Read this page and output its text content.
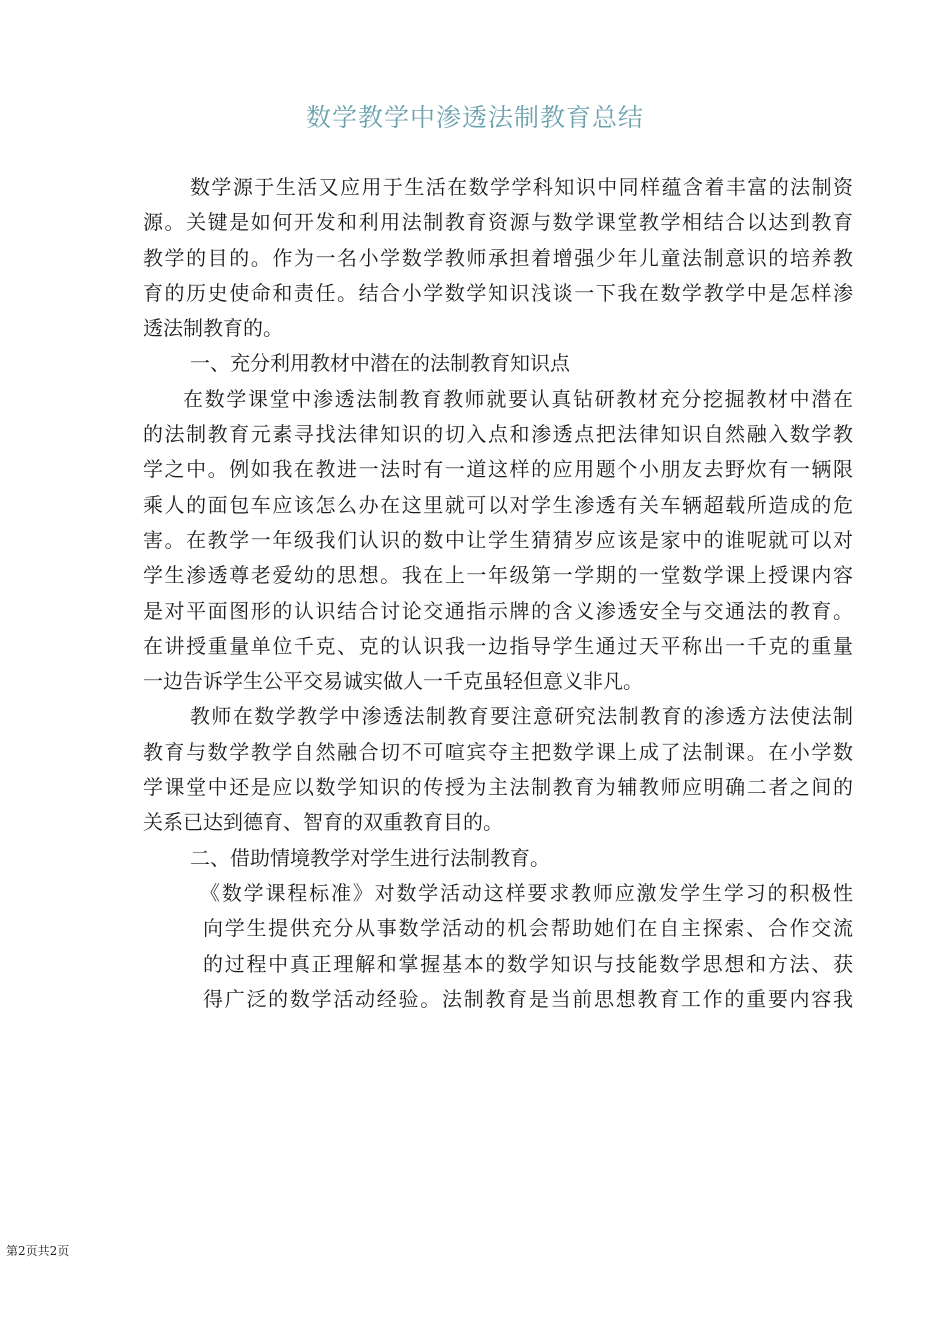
数学教学中渗透法制教育总结
数学源于生活又应用于生活在数学学科知识中同样蕴含着丰富的法制资
源。关键是如何开发和利用法制教育资源与数学课堂教学相结合以达到教育
教学的目的。作为一名小学数学教师承担着增强少年儿童法制意识的培养教
育的历史使命和责任。结合小学数学知识浅谈一下我在数学教学中是怎样渗
透法制教育的。
一、充分利用教材中潜在的法制教育知识点
在数学课堂中渗透法制教育教师就要认真钻研教材充分挖掘教材中潜在
的法制教育元素寻找法律知识的切入点和渗透点把法律知识自然融入数学教
学之中。例如我在教进一法时有一道这样的应用题个小朋友去野炊有一辆限
乘人的面包车应该怎么办在这里就可以对学生渗透有关车辆超载所造成的危
害。在教学一年级我们认识的数中让学生猜猜岁应该是家中的谁呢就可以对
学生渗透尊老爱幼的思想。我在上一年级第一学期的一堂数学课上授课内容
是对平面图形的认识结合讨论交通指示牌的含义渗透安全与交通法的教育。
在讲授重量单位千克、克的认识我一边指导学生通过天平称出一千克的重量
一边告诉学生公平交易诚实做人一千克虽轻但意义非凡。
教师在数学教学中渗透法制教育要注意研究法制教育的渗透方法使法制
教育与数学教学自然融合切不可喧宾夺主把数学课上成了法制课。在小学数
学课堂中还是应以数学知识的传授为主法制教育为辅教师应明确二者之间的
关系已达到德育、智育的双重教育目的。
二、借助情境教学对学生进行法制教育。
《数学课程标准》对数学活动这样要求教师应激发学生学习的积极性
向学生提供充分从事数学活动的机会帮助她们在自主探索、合作交流
的过程中真正理解和掌握基本的数学知识与技能数学思想和方法、获
得广泛的数学活动经验。法制教育是当前思想教育工作的重要内容我
第2页共2页
